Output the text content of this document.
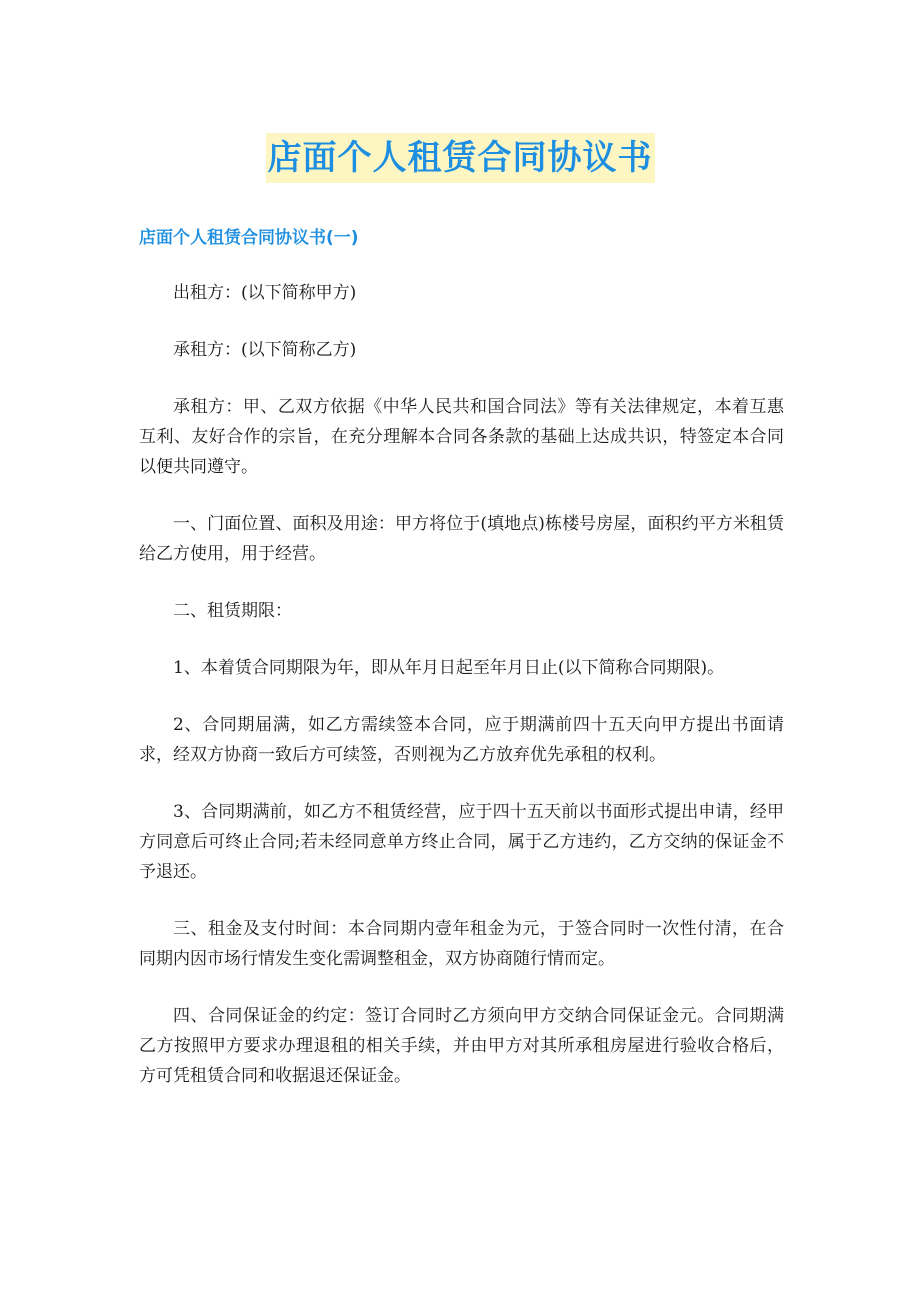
店面个人租赁合同协议书
店面个人租赁合同协议书(一)

出租方：(以下简称甲方)

承租方：(以下简称乙方)

承租方：甲、乙双方依据《中华人民共和国合同法》等有关法律规定，本着互惠互利、友好合作的宗旨，在充分理解本合同各条款的基础上达成共识，特签定本合同以便共同遵守。

一、门面位置、面积及用途：甲方将位于(填地点)栋楼号房屋，面积约平方米租赁给乙方使用，用于经营。

二、租赁期限：

1、本着赁合同期限为年，即从年月日起至年月日止(以下简称合同期限)。

2、合同期届满，如乙方需续签本合同，应于期满前四十五天向甲方提出书面请求，经双方协商一致后方可续签，否则视为乙方放弃优先承租的权利。

3、合同期满前，如乙方不租赁经营，应于四十五天前以书面形式提出申请，经甲方同意后可终止合同;若未经同意单方终止合同，属于乙方违约，乙方交纳的保证金不予退还。

三、租金及支付时间：本合同期内壹年租金为元，于签合同时一次性付清，在合同期内因市场行情发生变化需调整租金，双方协商随行情而定。

四、合同保证金的约定：签订合同时乙方须向甲方交纳合同保证金元。合同期满乙方按照甲方要求办理退租的相关手续，并由甲方对其所承租房屋进行验收合格后，方可凭租赁合同和收据退还保证金。
